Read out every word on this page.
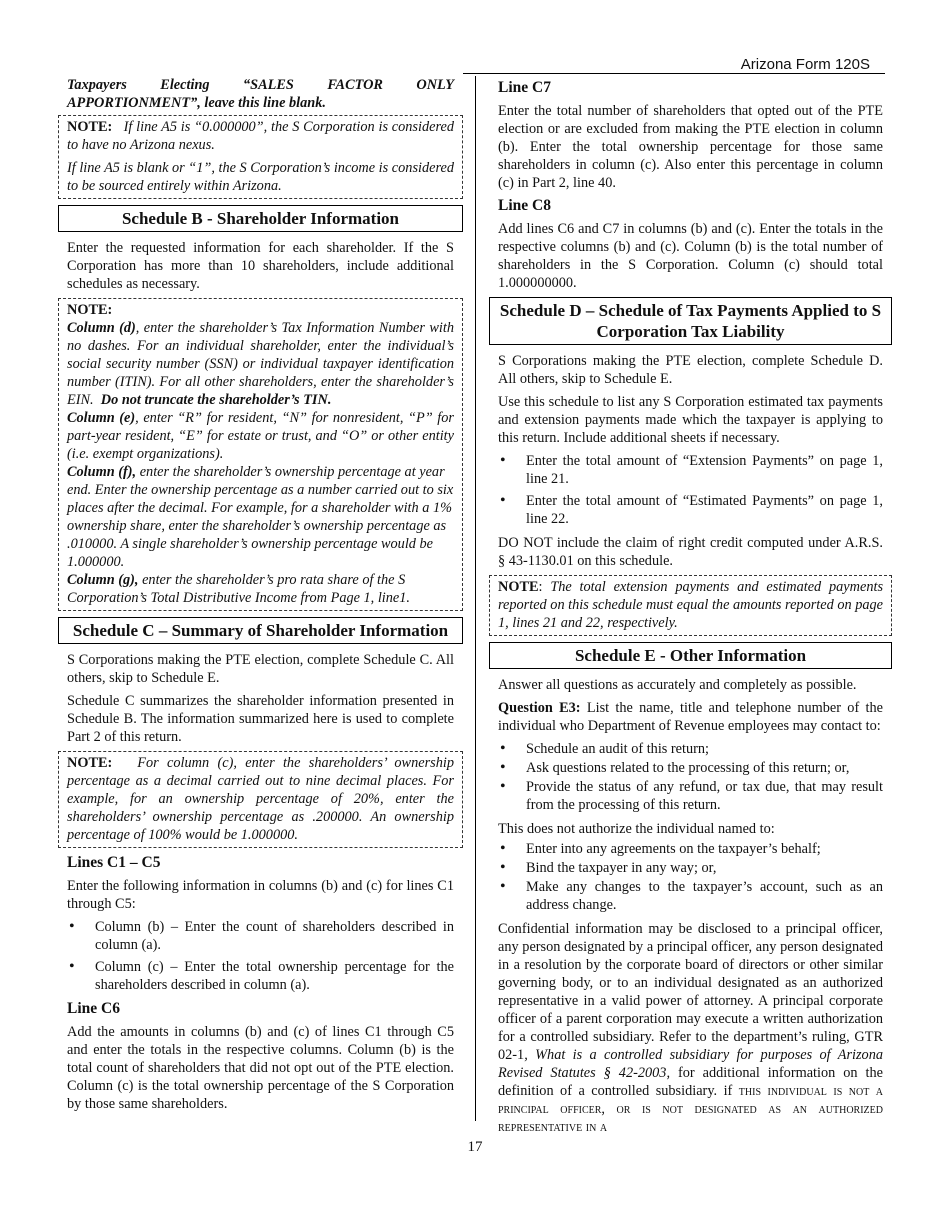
Arizona Form 120S

Taxpayers Electing “SALES FACTOR ONLY APPORTIONMENT”, leave this line blank.

NOTE: If line A5 is “0.000000”, the S Corporation is considered to have no Arizona nexus.

If line A5 is blank or “1”, the S Corporation’s income is considered to be sourced entirely within Arizona.

Schedule B - Shareholder Information

Enter the requested information for each shareholder. If the S Corporation has more than 10 shareholders, include additional schedules as necessary.

NOTE:

Column (d), enter the shareholder’s Tax Information Number with no dashes. For an individual shareholder, enter the individual’s social security number (SSN) or individual taxpayer identification number (ITIN). For all other shareholders, enter the shareholder’s EIN. Do not truncate the shareholder’s TIN.

Column (e), enter “R” for resident, “N” for nonresident, “P” for part-year resident, “E” for estate or trust, and “O” or other entity (i.e. exempt organizations).

Column (f), enter the shareholder’s ownership percentage at year end. Enter the ownership percentage as a number carried out to six places after the decimal. For example, for a shareholder with a 1% ownership share, enter the shareholder’s ownership percentage as .010000. A single shareholder’s ownership percentage would be 1.000000.

Column (g), enter the shareholder’s pro rata share of the S Corporation’s Total Distributive Income from Page 1, line1.

Schedule C – Summary of Shareholder Information

S Corporations making the PTE election, complete Schedule C. All others, skip to Schedule E.

Schedule C summarizes the shareholder information presented in Schedule B. The information summarized here is used to complete Part 2 of this return.

NOTE: For column (c), enter the shareholders’ ownership percentage as a decimal carried out to nine decimal places. For example, for an ownership percentage of 20%, enter the shareholders’ ownership percentage as .200000. An ownership percentage of 100% would be 1.000000.

Lines C1 – C5

Enter the following information in columns (b) and (c) for lines C1 through C5:

• Column (b) – Enter the count of shareholders described in column (a).
• Column (c) – Enter the total ownership percentage for the shareholders described in column (a).
Line C6

Add the amounts in columns (b) and (c) of lines C1 through C5 and enter the totals in the respective columns. Column (b) is the total count of shareholders that did not opt out of the PTE election. Column (c) is the total ownership percentage of the S Corporation by those same shareholders.

Line C7

Enter the total number of shareholders that opted out of the PTE election or are excluded from making the PTE election in column (b). Enter the total ownership percentage for those same shareholders in column (c). Also enter this percentage in column (c) in Part 2, line 40.

Line C8

Add lines C6 and C7 in columns (b) and (c). Enter the totals in the respective columns (b) and (c). Column (b) is the total number of shareholders in the S Corporation. Column (c) should total 1.000000000.

Schedule D – Schedule of Tax Payments Applied to S Corporation Tax Liability

S Corporations making the PTE election, complete Schedule D. All others, skip to Schedule E.

Use this schedule to list any S Corporation estimated tax payments and extension payments made which the taxpayer is applying to this return. Include additional sheets if necessary.

• Enter the total amount of “Extension Payments” on page 1, line 21.
• Enter the total amount of “Estimated Payments” on page 1, line 22.

DO NOT include the claim of right credit computed under A.R.S. § 43-1130.01 on this schedule.

NOTE: The total extension payments and estimated payments reported on this schedule must equal the amounts reported on page 1, lines 21 and 22, respectively.

Schedule E - Other Information

Answer all questions as accurately and completely as possible.

Question E3: List the name, title and telephone number of the individual who Department of Revenue employees may contact to:

• Schedule an audit of this return;
• Ask questions related to the processing of this return; or,
• Provide the status of any refund, or tax due, that may result from the processing of this return.

This does not authorize the individual named to:

• Enter into any agreements on the taxpayer’s behalf;
• Bind the taxpayer in any way; or,
• Make any changes to the taxpayer’s account, such as an address change.

Confidential information may be disclosed to a principal officer, any person designated by a principal officer, any person designated in a resolution by the corporate board of directors or other similar governing body, or to an individual designated as an authorized representative in a valid power of attorney. A principal corporate officer of a parent corporation may execute a written authorization for a controlled subsidiary. Refer to the department’s ruling, GTR 02-1, What is a controlled subsidiary for purposes of Arizona Revised Statutes § 42-2003, for additional information on the definition of a controlled subsidiary. if this individual is not a principal officer, or is not designated as an authorized representative in a

17
